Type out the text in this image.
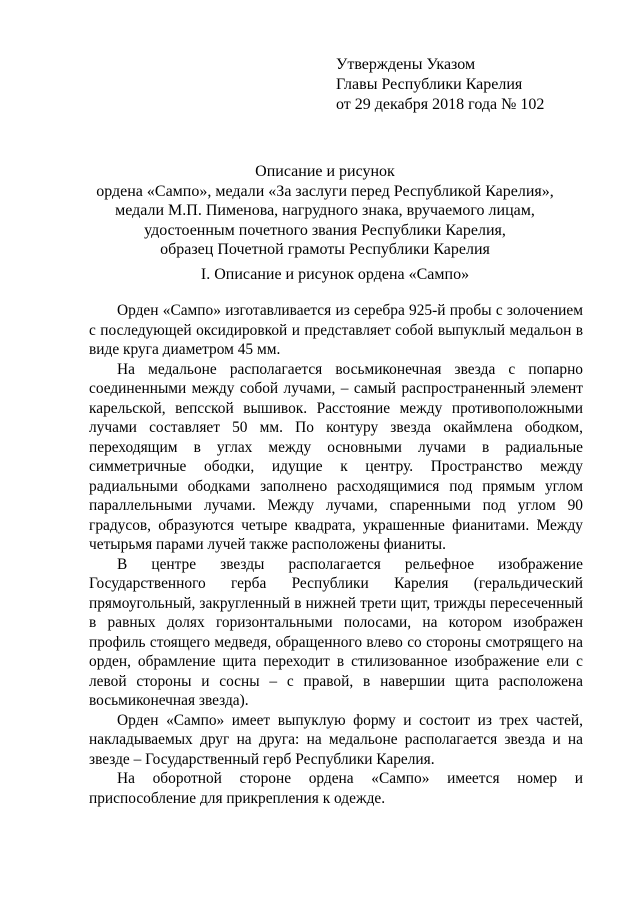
Утверждены Указом
Главы Республики Карелия
от 29 декабря 2018 года № 102
Описание и рисунок
ордена «Сампо», медали «За заслуги перед Республикой Карелия»,
медали М.П. Пименова, нагрудного знака, вручаемого лицам,
удостоенным почетного звания Республики Карелия,
образец Почетной грамоты Республики Карелия
I. Описание и рисунок ордена «Сампо»

Орден «Сампо» изготавливается из серебра 925-й пробы с золочением с последующей оксидировкой и представляет собой выпуклый медальон в виде круга диаметром 45 мм.

На медальоне располагается восьмиконечная звезда с попарно соединенными между собой лучами, – самый распространенный элемент карельской, вепсской вышивок. Расстояние между противоположными лучами составляет 50 мм. По контуру звезда окаймлена ободком, переходящим в углах между основными лучами в радиальные симметричные ободки, идущие к центру. Пространство между радиальными ободками заполнено расходящимися под прямым углом параллельными лучами. Между лучами, спаренными под углом 90 градусов, образуются четыре квадрата, украшенные фианитами. Между четырьмя парами лучей также расположены фианиты.

В центре звезды располагается рельефное изображение Государственного герба Республики Карелия (геральдический прямоугольный, закругленный в нижней трети щит, трижды пересеченный в равных долях горизонтальными полосами, на котором изображен профиль стоящего медведя, обращенного влево со стороны смотрящего на орден, обрамление щита переходит в стилизованное изображение ели с левой стороны и сосны – с правой, в навершии щита расположена восьмиконечная звезда).

Орден «Сампо» имеет выпуклую форму и состоит из трех частей, накладываемых друг на друга: на медальоне располагается звезда и на звезде – Государственный герб Республики Карелия.

На оборотной стороне ордена «Сампо» имеется номер и приспособление для прикрепления к одежде.
